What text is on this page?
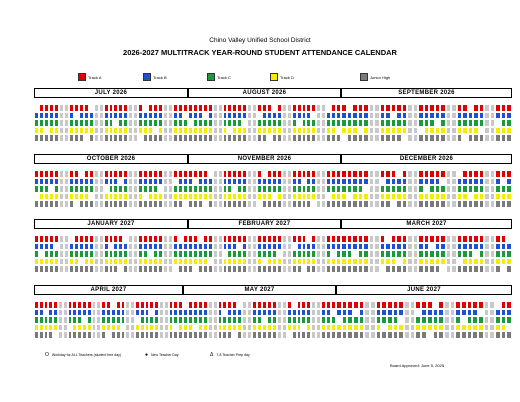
Chino Valley Unified School District
2026-2027 MULTITRACK YEAR-ROUND STUDENT ATTENDANCE CALENDAR
Track A	Track B	Track C	Track D	Junior High
JULY 2026	AUGUST 2026	SEPTEMBER 2026
OCTOBER 2026	NOVEMBER 2026	DECEMBER 2026
JANUARY 2027	FEBRUARY 2027	MARCH 2027
APRIL 2027	MAY 2027	JUNE 2027
O Workday for ALL Teachers (student free day)	● New Teacher Day	Δ 7-8 Teacher Prep day
Board Approved: June 5, 2025
